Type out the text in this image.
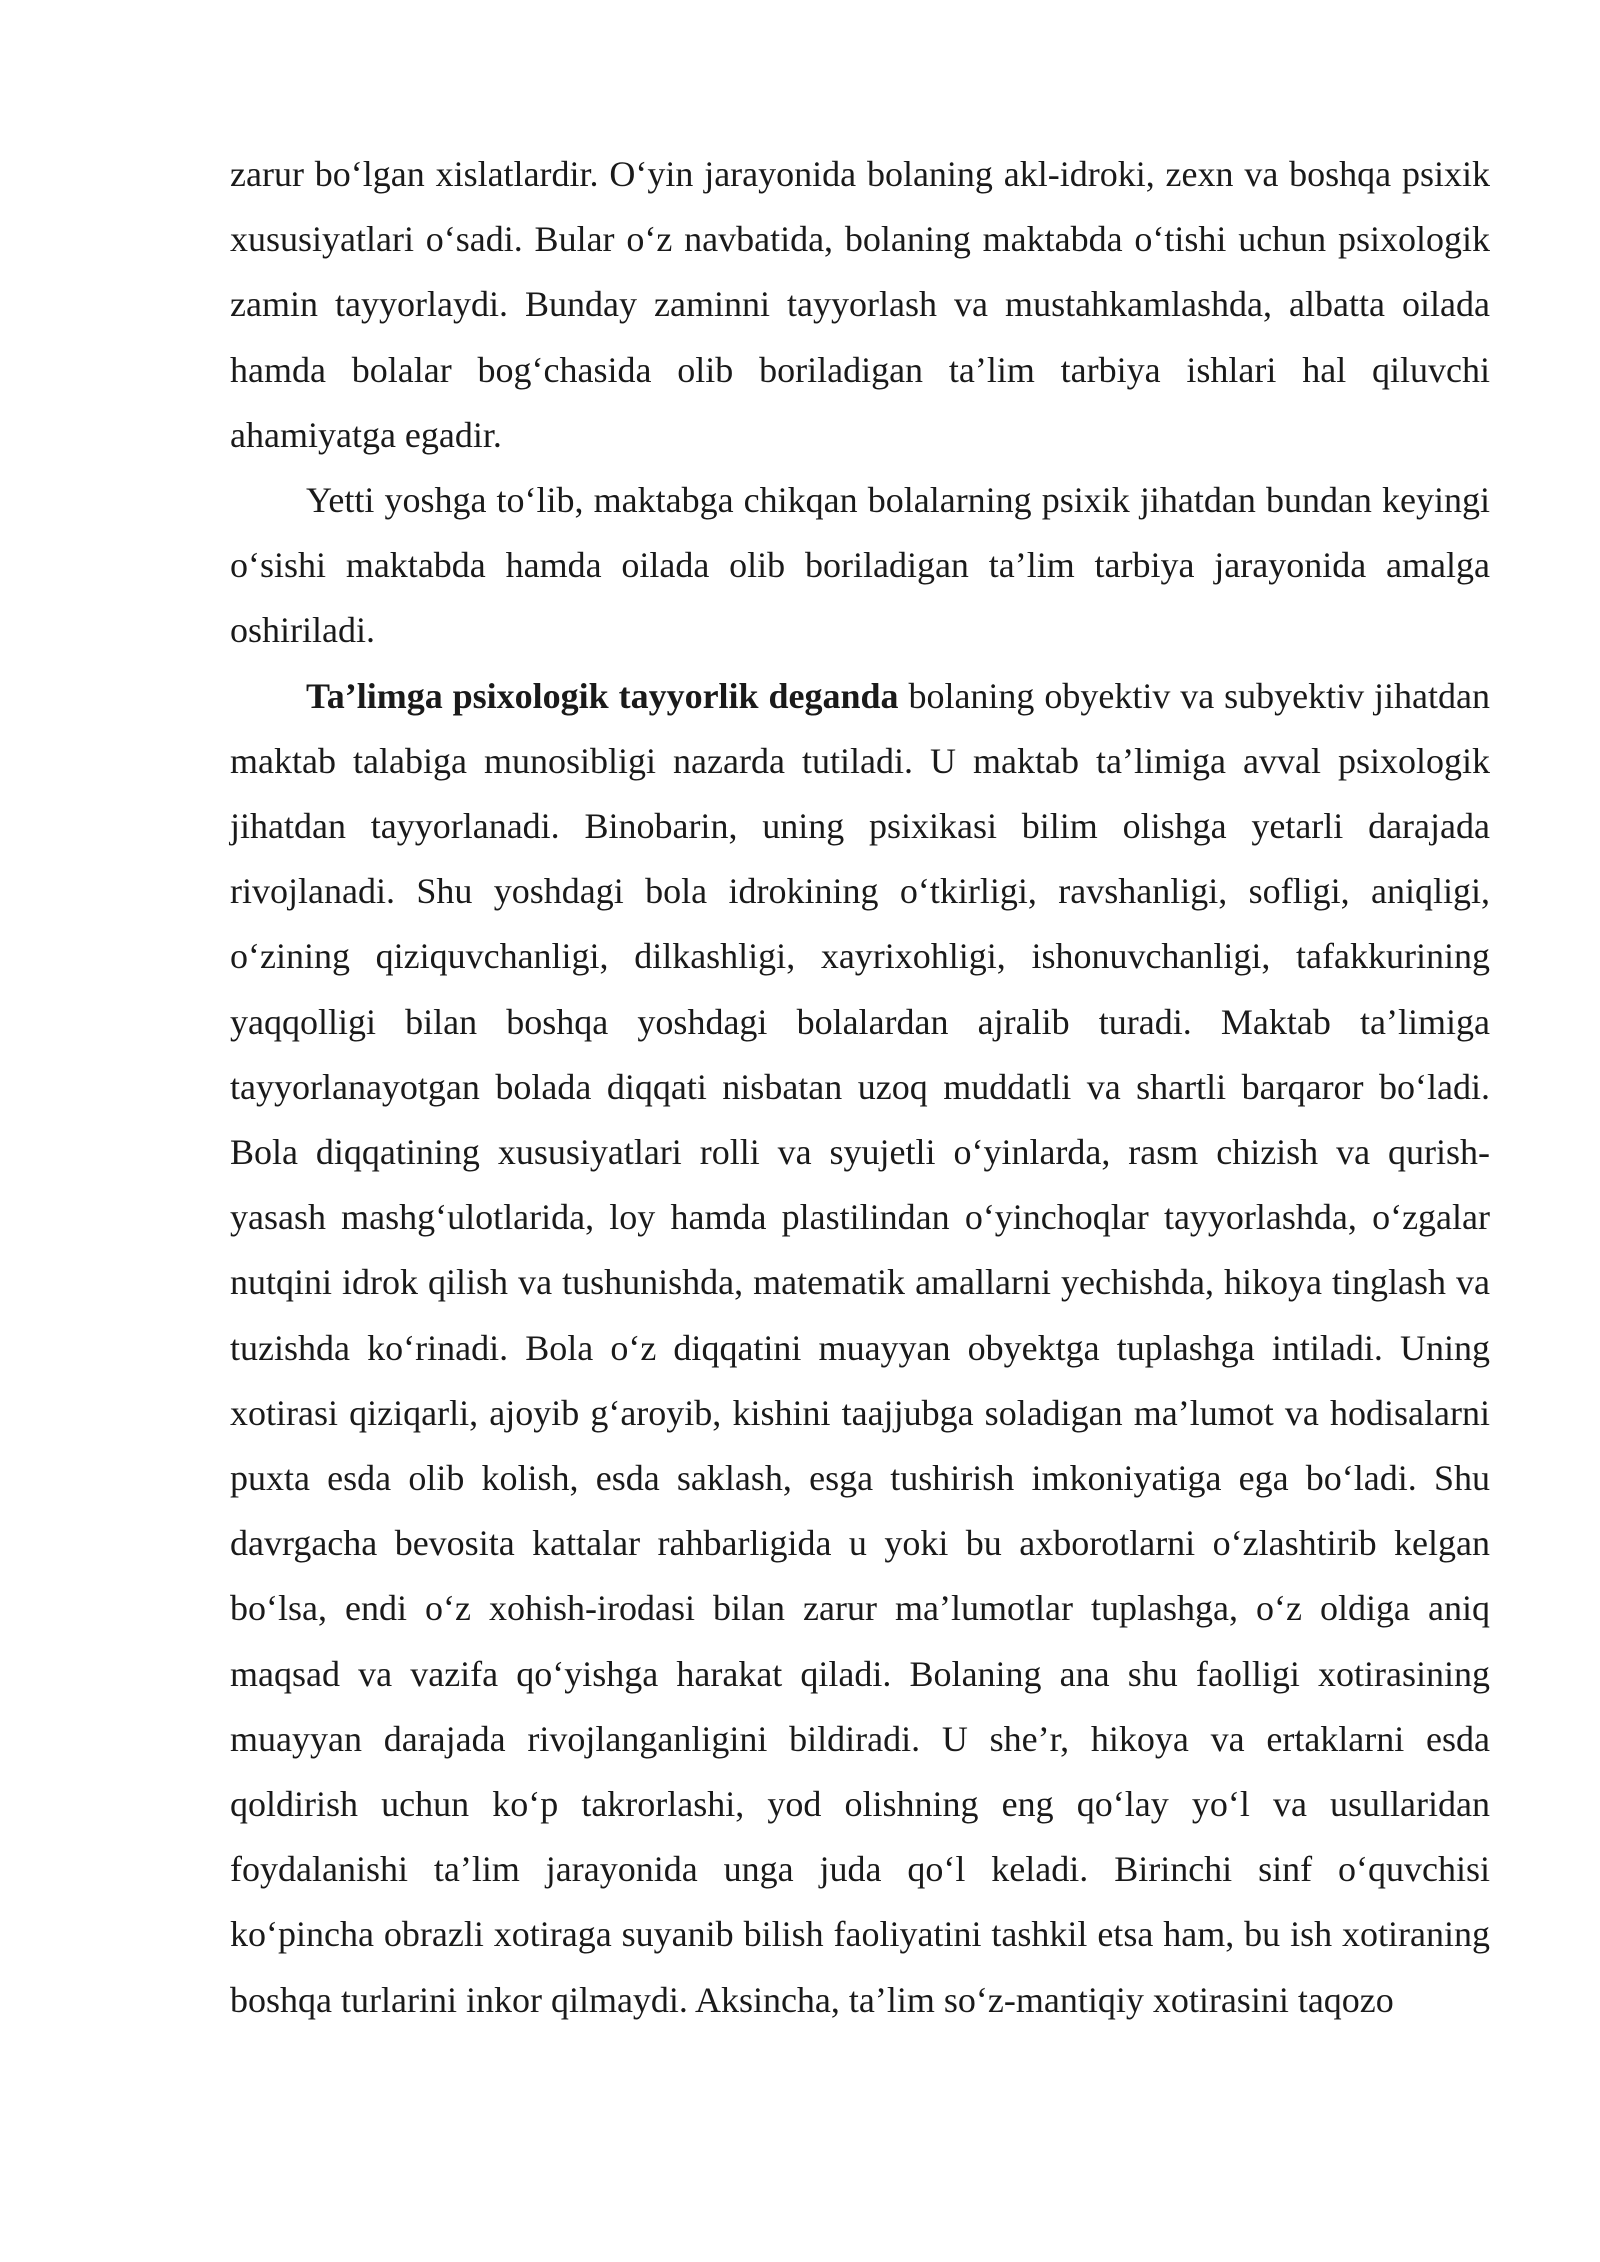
zarur bo‘lgan xislatlardir. O‘yin jarayonida bolaning akl-idroki, zexn va boshqa psixik xususiyatlari o‘sadi. Bular o‘z navbatida, bolaning maktabda o‘tishi uchun psixologik zamin tayyorlaydi. Bunday zaminni tayyorlash va mustahkamlashda, albatta oilada hamda bolalar bog‘chasida olib boriladigan ta’lim tarbiya ishlari hal qiluvchi ahamiyatga egadir.

Yetti yoshga to‘lib, maktabga chikqan bolalarning psixik jihatdan bundan keyingi o‘sishi maktabda hamda oilada olib boriladigan ta’lim tarbiya jarayonida amalga oshiriladi.

Ta’limga psixologik tayyorlik deganda bolaning obyektiv va subyektiv jihatdan maktab talabiga munosibligi nazarda tutiladi. U maktab ta’limiga avval psixologik jihatdan tayyorlanadi. Binobarin, uning psixikasi bilim olishga yetarli darajada rivojlanadi. Shu yoshdagi bola idrokining o‘tkirligi, ravshanligi, sofligi, aniqligi, o‘zining qiziquvchanligi, dilkashligi, xayrixohligi, ishonuvchanligi, tafakkurining yaqqolligi bilan boshqa yoshdagi bolalardan ajralib turadi. Maktab ta’limiga tayyorlanayotgan bolada diqqati nisbatan uzoq muddatli va shartli barqaror bo‘ladi. Bola diqqatining xususiyatlari rolli va syujetli o‘yinlarda, rasm chizish va qurish-yasash mashg‘ulotlarida, loy hamda plastilindan o‘yinchoqlar tayyorlashda, o‘zgalar nutqini idrok qilish va tushunishda, matematik amallarni yechishda, hikoya tinglash va tuzishda ko‘rinadi. Bola o‘z diqqatini muayyan obyektga tuplashga intiladi. Uning xotirasi qiziqarli, ajoyib g‘aroyib, kishini taajjubga soladigan ma’lumot va hodisalarni puxta esda olib kolish, esda saklash, esga tushirish imkoniyatiga ega bo‘ladi. Shu davrgacha bevosita kattalar rahbarligida u yoki bu axborotlarni o‘zlashtirib kelgan bo‘lsa, endi o‘z xohish-irodasi bilan zarur ma’lumotlar tuplashga, o‘z oldiga aniq maqsad va vazifa qo‘yishga harakat qiladi. Bolaning ana shu faolligi xotirasining muayyan darajada rivojlanganligini bildiradi. U she’r, hikoya va ertaklarni esda qoldirish uchun ko‘p takrorlashi, yod olishning eng qo‘lay yo‘l va usullaridan foydalanishi ta’lim jarayonida unga juda qo‘l keladi. Birinchi sinf o‘quvchisi ko‘pincha obrazli xotiraga suyanib bilish faoliyatini tashkil etsa ham, bu ish xotiraning boshqa turlarini inkor qilmaydi. Aksincha, ta’lim so‘z-mantiqiy xotirasini taqozo
